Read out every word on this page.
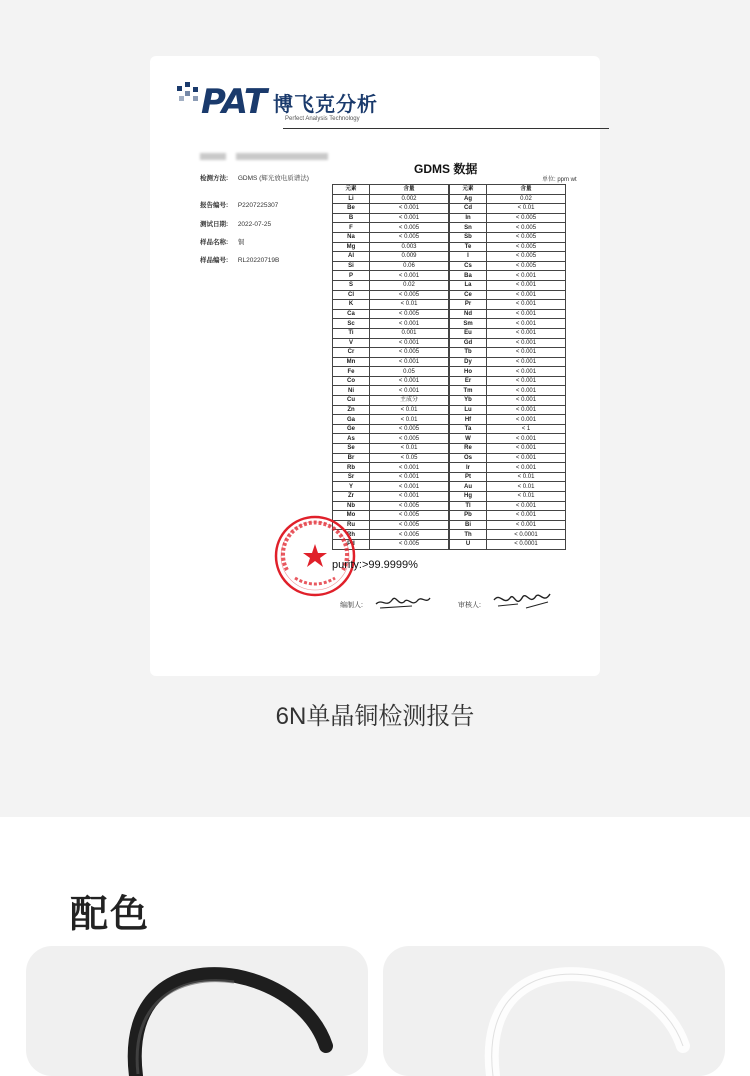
PAT 博飞克分析
Perfect Analysis Technology
检测方法: GDMS (辉光放电质谱法)
报告编号: P2207225307
测试日期: 2022-07-25
样品名称: 铜
样品编号: RL20220719B
GDMS 数据
单位: ppm wt
元素	含量
Li	0.002
Be	< 0.001
B	< 0.001
F	< 0.005
Na	< 0.005
Mg	0.003
Al	0.009
Si	0.06
P	< 0.001
S	0.02
Cl	< 0.005
K	< 0.01
Ca	< 0.005
Sc	< 0.001
Ti	0.001
V	< 0.001
Cr	< 0.005
Mn	< 0.001
Fe	0.05
Co	< 0.001
Ni	< 0.001
Cu	主成分
Zn	< 0.01
Ga	< 0.01
Ge	< 0.005
As	< 0.005
Se	< 0.01
Br	< 0.05
Rb	< 0.001
Sr	< 0.001
Y	< 0.001
Zr	< 0.001
Nb	< 0.005
Mo	< 0.005
Ru	< 0.005
Rh	< 0.005
Pd	< 0.005
元素	含量
Ag	0.02
Cd	< 0.01
In	< 0.005
Sn	< 0.005
Sb	< 0.005
Te	< 0.005
I	< 0.005
Cs	< 0.005
Ba	< 0.001
La	< 0.001
Ce	< 0.001
Pr	< 0.001
Nd	< 0.001
Sm	< 0.001
Eu	< 0.001
Gd	< 0.001
Tb	< 0.001
Dy	< 0.001
Ho	< 0.001
Er	< 0.001
Tm	< 0.001
Yb	< 0.001
Lu	< 0.001
Hf	< 0.001
Ta	< 1
W	< 0.001
Re	< 0.001
Os	< 0.001
Ir	< 0.001
Pt	< 0.01
Au	< 0.01
Hg	< 0.01
Tl	< 0.001
Pb	< 0.001
Bi	< 0.001
Th	< 0.0001
U	< 0.0001
purity:>99.9999%
编制人:	审核人:
6N单晶铜检测报告
配色
